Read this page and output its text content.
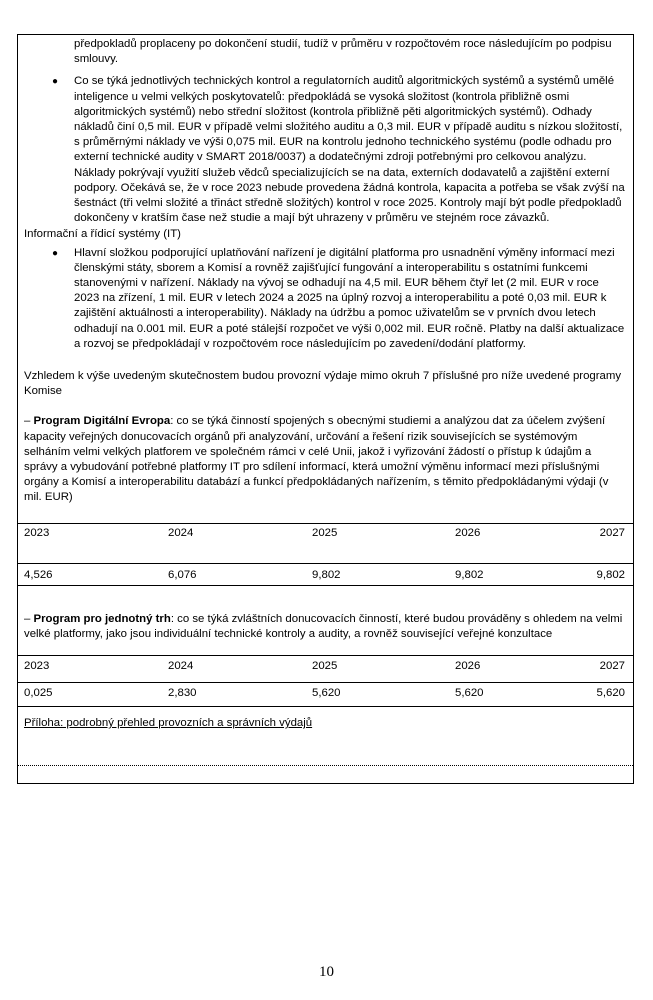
předpokladů proplaceny po dokončení studií, tudíž v průměru v rozpočtovém roce následujícím po podpisu smlouvy.
● Co se týká jednotlivých technických kontrol a regulatorních auditů algoritmických systémů a systémů umělé inteligence u velmi velkých poskytovatelů: předpokládá se vysoká složitost (kontrola přibližně osmi algoritmických systémů) nebo střední složitost (kontrola přibližně pěti algoritmických systémů). Odhady nákladů činí 0,5 mil. EUR v případě velmi složitého auditu a 0,3 mil. EUR v případě auditu s nízkou složitostí, s průměrnými náklady ve výši 0,075 mil. EUR na kontrolu jednoho technického systému (podle odhadu pro externí technické audity v SMART 2018/0037) a dodatečnými zdroji potřebnými pro celkovou analýzu. Náklady pokrývají využití služeb vědců specializujících se na data, externích dodavatelů a zajištění externí podpory. Očekává se, že v roce 2023 nebude provedena žádná kontrola, kapacita a potřeba se však zvýší na šestnáct (tři velmi složité a třináct středně složitých) kontrol v roce 2025. Kontroly mají být podle předpokladů dokončeny v kratším čase než studie a mají být uhrazeny v průměru ve stejném roce závazků.
Informační a řídicí systémy (IT)
● Hlavní složkou podporující uplatňování nařízení je digitální platforma pro usnadnění výměny informací mezi členskými státy, sborem a Komisí a rovněž zajišťující fungování a interoperabilitu s ostatními funkcemi stanovenými v nařízení. Náklady na vývoj se odhadují na 4,5 mil. EUR během čtyř let (2 mil. EUR v roce 2023 na zřízení, 1 mil. EUR v letech 2024 a 2025 na úplný rozvoj a interoperabilitu a poté 0,03 mil. EUR k zajištění aktuálnosti a interoperability). Náklady na údržbu a pomoc uživatelům se v prvních dvou letech odhadují na 0.001 mil. EUR a poté stálejší rozpočet ve výši 0,002 mil. EUR ročně. Platby na další aktualizace a rozvoj se předpokládají v rozpočtovém roce následujícím po zavedení/dodání platformy.
Vzhledem k výše uvedeným skutečnostem budou provozní výdaje mimo okruh 7 příslušné pro níže uvedené programy Komise
– Program Digitální Evropa: co se týká činností spojených s obecnými studiemi a analýzou dat za účelem zvýšení kapacity veřejných donucovacích orgánů při analyzování, určování a řešení rizik souvisejících se systémovým selháním velmi velkých platforem ve společném rámci v celé Unii, jakož i vyřizování žádostí o přístup k údajům a správy a vybudování potřebné platformy IT pro sdílení informací, která umožní výměnu informací mezi příslušnými orgány a Komisí a interoperabilitu databází a funkcí předpokládaných nařízením, s těmito předpokládanými výdaji (v mil. EUR)
2023	2024	2025	2026	2027
4,526	6,076	9,802	9,802	9,802
– Program pro jednotný trh: co se týká zvláštních donucovacích činností, které budou prováděny s ohledem na velmi velké platformy, jako jsou individuální technické kontroly a audity, a rovněž související veřejné konzultace
2023	2024	2025	2026	2027
0,025	2,830	5,620	5,620	5,620
Příloha: podrobný přehled provozních a správních výdajů
10
